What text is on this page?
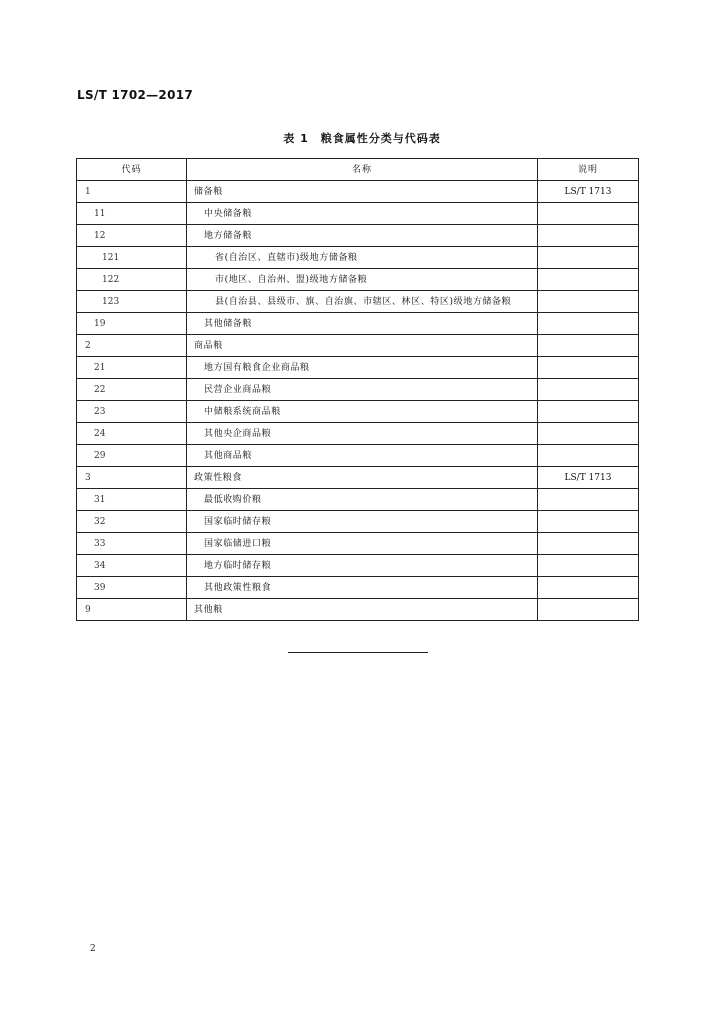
LS/T 1702—2017
表 1 粮食属性分类与代码表
代码	名称	说明
1	储备粮	LS/T 1713
11	中央储备粮	
12	地方储备粮	
121	省(自治区、直辖市)级地方储备粮	
122	市(地区、自治州、盟)级地方储备粮	
123	县(自治县、县级市、旗、自治旗、市辖区、林区、特区)级地方储备粮	
19	其他储备粮	
2	商品粮	
21	地方国有粮食企业商品粮	
22	民营企业商品粮	
23	中储粮系统商品粮	
24	其他央企商品粮	
29	其他商品粮	
3	政策性粮食	LS/T 1713
31	最低收购价粮	
32	国家临时储存粮	
33	国家临储进口粮	
34	地方临时储存粮	
39	其他政策性粮食	
9	其他粮	
2
